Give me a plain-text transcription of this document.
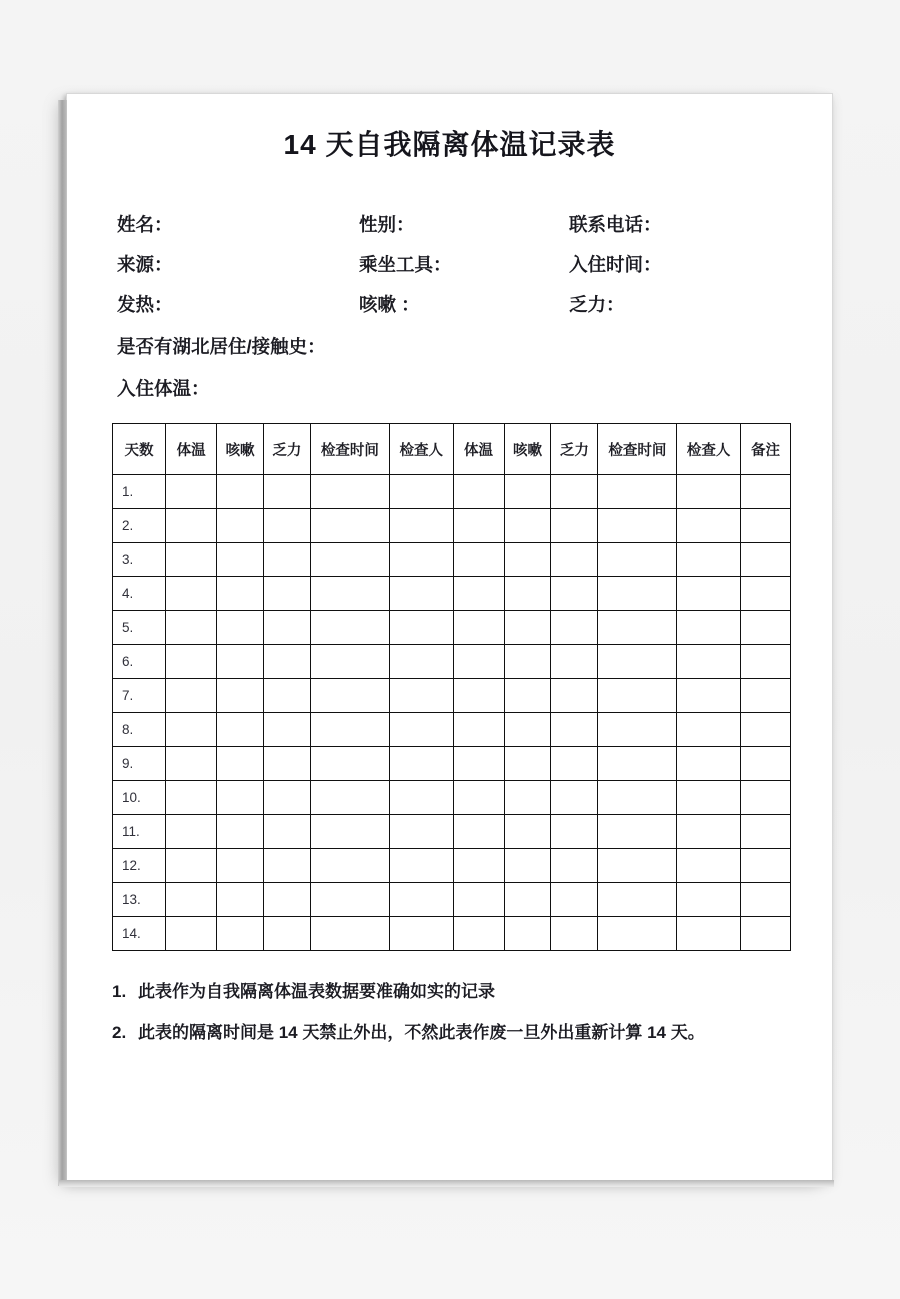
14 天自我隔离体温记录表
姓名：	性别：	联系电话：
来源：	乘坐工具：	入住时间：
发热：	咳嗽 ：	乏力：
是否有湖北居住/接触史：
入住体温：
天数	体温	咳嗽	乏力	检查时间	检查人	体温	咳嗽	乏力	检查时间	检查人	备注
1.											
2.											
3.											
4.											
5.											
6.											
7.											
8.											
9.											
10.											
11.											
12.											
13.											
14.											
1. 此表作为自我隔离体温表数据要准确如实的记录
2. 此表的隔离时间是 14 天禁止外出，不然此表作废一旦外出重新计算 14 天。
